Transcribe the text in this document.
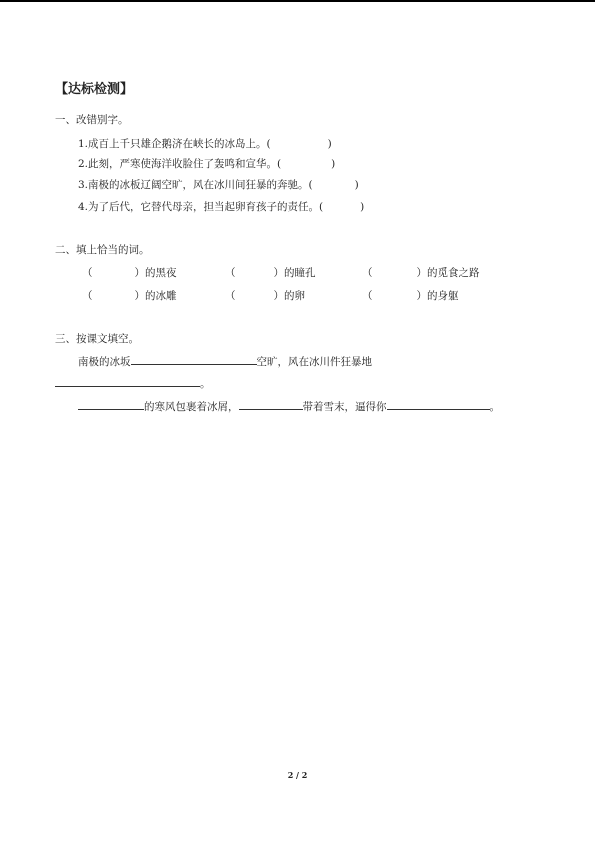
【达标检测】
一、改错别字。
1.成百上千只雄企鹅济在峡长的冰岛上。(	)
2.此刻，严寒使海洋收脸住了轰鸣和宣华。(	)
3.南极的冰板辽阔空旷，风在冰川间狂暴的奔驰。(	)
4.为了后代，它替代母亲，担当起卵育孩子的责任。(	)
二、填上恰当的词。
（	）的黑夜	（	）的瞳孔	（	）的觅食之路
（	）的冰雕	（	）的卵	（	）的身躯
三、按课文填空。
南极的冰坂	空旷，风在冰川件狂暴地
。
的寒风包裹着冰屑，	带着雪末，逼得你	。
2 / 2
